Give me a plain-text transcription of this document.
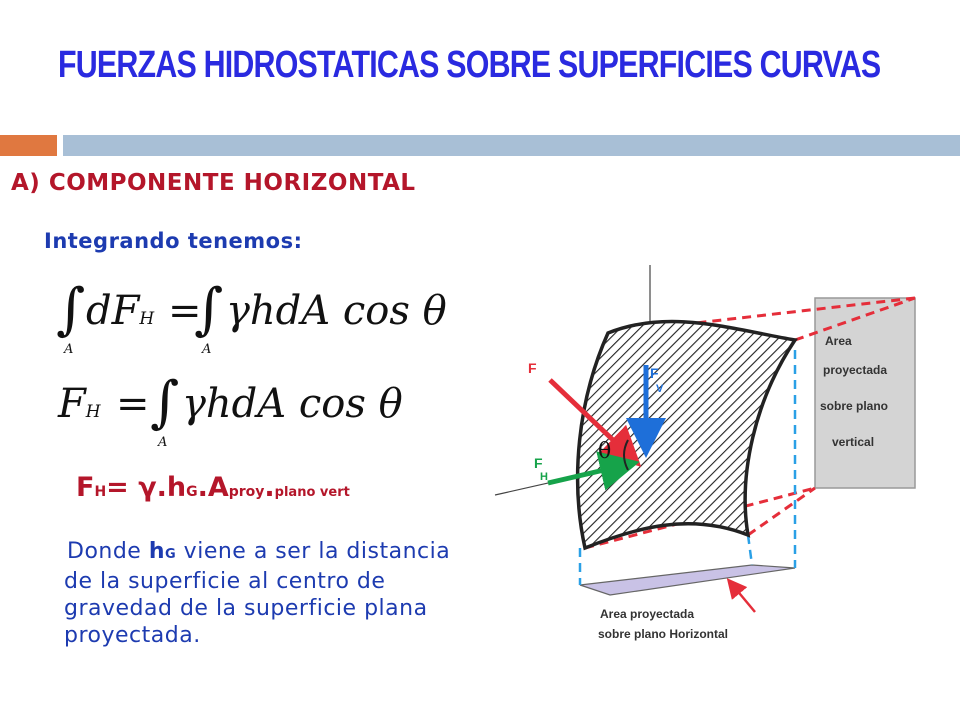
FUERZAS HIDROSTATICAS SOBRE SUPERFICIES CURVAS
A) COMPONENTE HORIZONTAL

Integrando tenemos:

∫
A
dFH =
∫
A
γhdA cos θ
FH = ∫
A
γhdA cos θ

FH= γ.hG.Aproy.plano vert

Donde hG viene a ser la distancia de la superficie al centro de gravedad de la superficie plana proyectada.

Area proyectada sobre plano vertical
F	F V
F H
θ
Area proyectada sobre plano Horizontal
